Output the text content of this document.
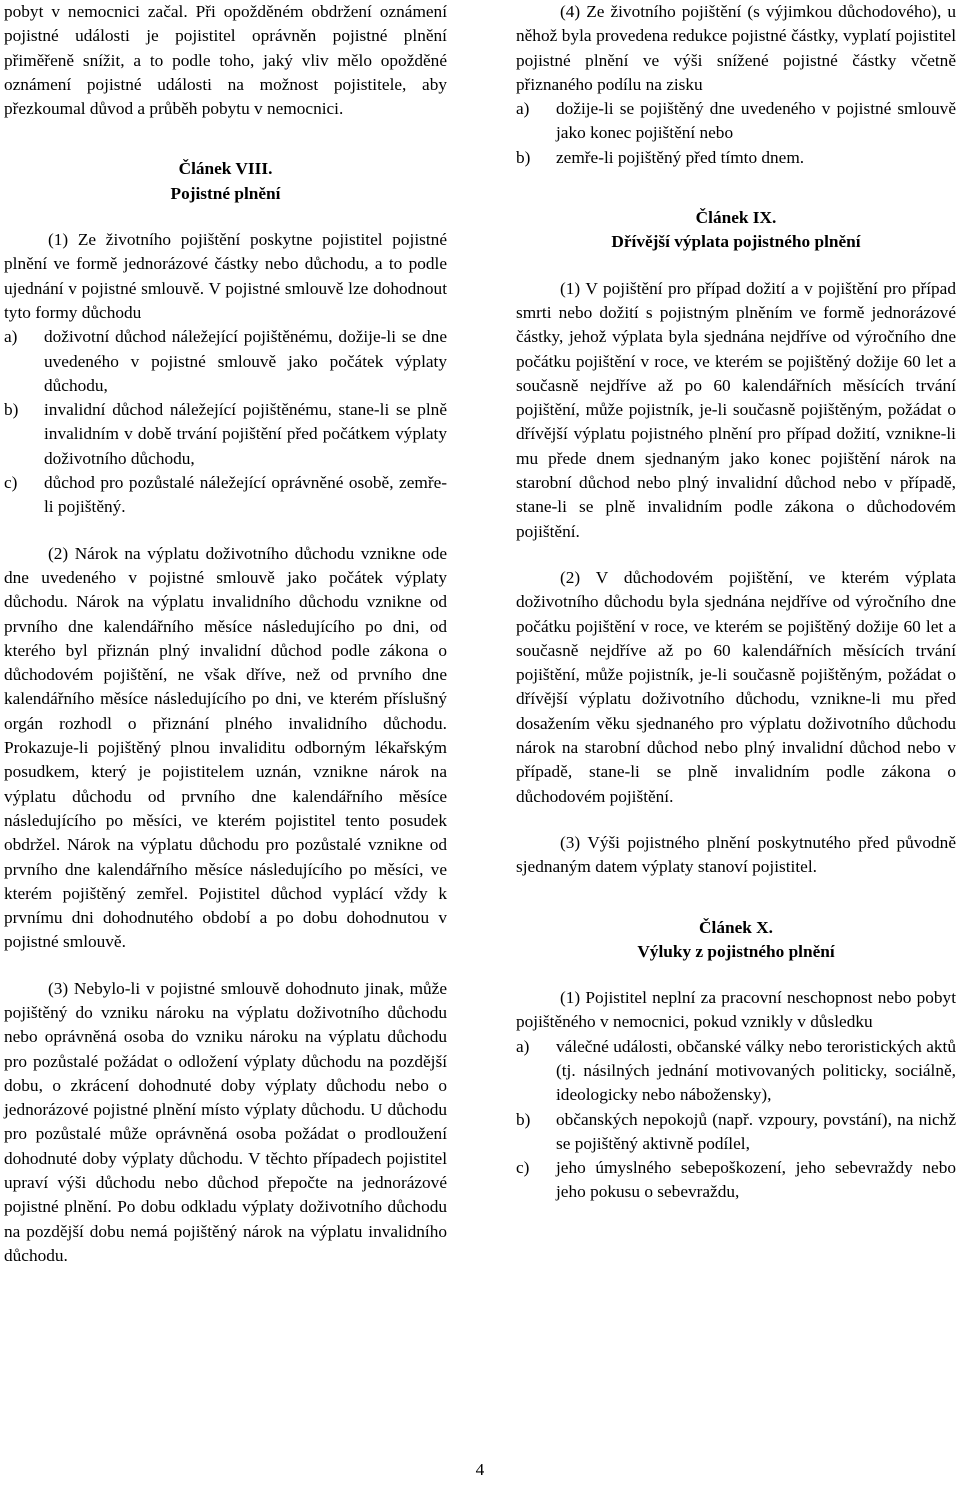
pobyt v nemocnici začal. Při opožděném obdržení oznámení pojistné události je pojistitel oprávněn pojistné plnění přiměřeně snížit, a to podle toho, jaký vliv mělo opožděné oznámení pojistné události na možnost pojistitele, aby přezkoumal důvod a průběh pobytu v nemocnici.

Článek VIII.

Pojistné plnění

(1) Ze životního pojištění poskytne pojistitel pojistné plnění ve formě jednorázové částky nebo důchodu, a to podle ujednání v pojistné smlouvě. V pojistné smlouvě lze dohodnout tyto formy důchodu

a)	doživotní důchod náležející pojištěnému, dožije-li se dne uvedeného v pojistné smlouvě jako počátek výplaty důchodu,
b)	invalidní důchod náležející pojištěnému, stane-li se plně invalidním v době trvání pojištění před počátkem výplaty doživotního důchodu,
c)	důchod pro pozůstalé náležející oprávněné osobě, zemře-li pojištěný.

(2) Nárok na výplatu doživotního důchodu vznikne ode dne uvedeného v pojistné smlouvě jako počátek výplaty důchodu. Nárok na výplatu invalidního důchodu vznikne od prvního dne kalendářního měsíce následujícího po dni, od kterého byl přiznán plný invalidní důchod podle zákona o důchodovém pojištění, ne však dříve, než od prvního dne kalendářního měsíce následujícího po dni, ve kterém příslušný orgán rozhodl o přiznání plného invalidního důchodu. Prokazuje-li pojištěný plnou invaliditu odborným lékařským posudkem, který je pojistitelem uznán, vznikne nárok na výplatu důchodu od prvního dne kalendářního měsíce následujícího po měsíci, ve kterém pojistitel tento posudek obdržel. Nárok na výplatu důchodu pro pozůstalé vznikne od prvního dne kalendářního měsíce následujícího po měsíci, ve kterém pojištěný zemřel. Pojistitel důchod vyplácí vždy k prvnímu dni dohodnutého období a po dobu dohodnutou v pojistné smlouvě.

(3) Nebylo-li v pojistné smlouvě dohodnuto jinak, může pojištěný do vzniku nároku na výplatu doživotního důchodu nebo oprávněná osoba do vzniku nároku na výplatu důchodu pro pozůstalé požádat o odložení výplaty důchodu na pozdější dobu, o zkrácení dohodnuté doby výplaty důchodu nebo o jednorázové pojistné plnění místo výplaty důchodu. U důchodu pro pozůstalé může oprávněná osoba požádat o prodloužení dohodnuté doby výplaty důchodu. V těchto případech pojistitel upraví výši důchodu nebo důchod přepočte na jednorázové pojistné plnění. Po dobu odkladu výplaty doživotního důchodu na pozdější dobu nemá pojištěný nárok na výplatu invalidního důchodu.

(4) Ze životního pojištění (s výjimkou důchodového), u něhož byla provedena redukce pojistné částky, vyplatí pojistitel pojistné plnění ve výši snížené pojistné částky včetně přiznaného podílu na zisku

a)	dožije-li se pojištěný dne uvedeného v pojistné smlouvě jako konec pojištění nebo
b)	zemře-li pojištěný před tímto dnem.

Článek IX.

Dřívější výplata pojistného plnění

(1) V pojištění pro případ dožití a v pojištění pro případ smrti nebo dožití s pojistným plněním ve formě jednorázové částky, jehož výplata byla sjednána nejdříve od výročního dne počátku pojištění v roce, ve kterém se pojištěný dožije 60 let a současně nejdříve až po 60 kalendářních měsících trvání pojištění, může pojistník, je-li současně pojištěným, požádat o dřívější výplatu pojistného plnění pro případ dožití, vznikne-li mu přede dnem sjednaným jako konec pojištění nárok na starobní důchod nebo plný invalidní důchod nebo v případě, stane-li se plně invalidním podle zákona o důchodovém pojištění.

(2) V důchodovém pojištění, ve kterém výplata doživotního důchodu byla sjednána nejdříve od výročního dne počátku pojištění v roce, ve kterém se pojištěný dožije 60 let a současně nejdříve až po 60 kalendářních měsících trvání pojištění, může pojistník, je-li současně pojištěným, požádat o dřívější výplatu doživotního důchodu, vznikne-li mu před dosažením věku sjednaného pro výplatu doživotního důchodu nárok na starobní důchod nebo plný invalidní důchod nebo v případě, stane-li se plně invalidním podle zákona o důchodovém pojištění.

(3) Výši pojistného plnění poskytnutého před původně sjednaným datem výplaty stanoví pojistitel.

Článek X.

Výluky z pojistného plnění

(1) Pojistitel neplní za pracovní neschopnost nebo pobyt pojištěného v nemocnici, pokud vznikly v důsledku

a)	válečné události, občanské války nebo teroristických aktů (tj. násilných jednání motivovaných politicky, sociálně, ideologicky nebo nábožensky),
b)	občanských nepokojů (např. vzpoury, povstání), na nichž se pojištěný aktivně podílel,
c)	jeho úmyslného sebepoškození, jeho sebevraždy nebo jeho pokusu o sebevraždu,
4
